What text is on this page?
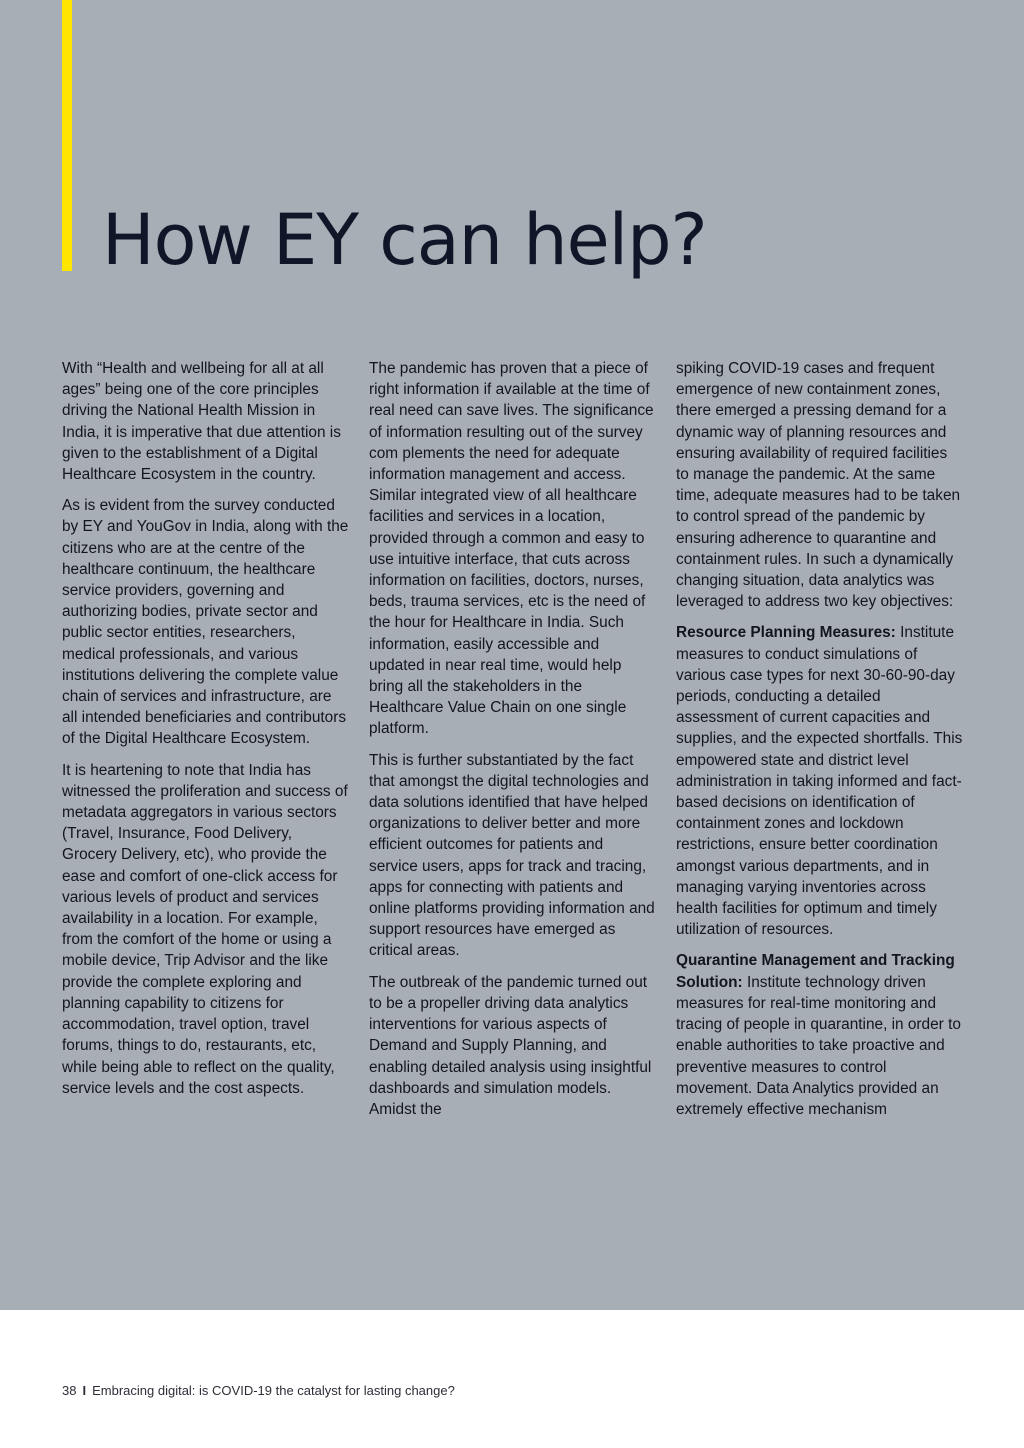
How EY can help?

With “Health and wellbeing for all at all ages” being one of the core principles driving the National Health Mission in India, it is imperative that due attention is given to the establishment of a Digital Healthcare Ecosystem in the country.

As is evident from the survey conducted by EY and YouGov in India, along with the citizens who are at the centre of the healthcare continuum, the healthcare service providers, governing and authorizing bodies, private sector and public sector entities, researchers, medical professionals, and various institutions delivering the complete value chain of services and infrastructure, are all intended beneficiaries and contributors of the Digital Healthcare Ecosystem.

It is heartening to note that India has witnessed the proliferation and success of metadata aggregators in various sectors (Travel, Insurance, Food Delivery, Grocery Delivery, etc), who provide the ease and comfort of one-click access for various levels of product and services availability in a location. For example, from the comfort of the home or using a mobile device, Trip Advisor and the like provide the complete exploring and planning capability to citizens for accommodation, travel option, travel forums, things to do, restaurants, etc, while being able to reflect on the quality, service levels and the cost aspects.

The pandemic has proven that a piece of right information if available at the time of real need can save lives. The significance of information resulting out of the survey com plements the need for adequate information management and access. Similar integrated view of all healthcare facilities and services in a location, provided through a common and easy to use intuitive interface, that cuts across information on facilities, doctors, nurses, beds, trauma services, etc is the need of the hour for Healthcare in India. Such information, easily accessible and updated in near real time, would help bring all the stakeholders in the Healthcare Value Chain on one single platform.

This is further substantiated by the fact that amongst the digital technologies and data solutions identified that have helped organizations to deliver better and more efficient outcomes for patients and service users, apps for track and tracing, apps for connecting with patients and online platforms providing information and support resources have emerged as critical areas.

The outbreak of the pandemic turned out to be a propeller driving data analytics interventions for various aspects of Demand and Supply Planning, and enabling detailed analysis using insightful dashboards and simulation models. Amidst the

spiking COVID-19 cases and frequent emergence of new containment zones, there emerged a pressing demand for a dynamic way of planning resources and ensuring availability of required facilities to manage the pandemic. At the same time, adequate measures had to be taken to control spread of the pandemic by ensuring adherence to quarantine and containment rules. In such a dynamically changing situation, data analytics was leveraged to address two key objectives:

Resource Planning Measures: Institute measures to conduct simulations of various case types for next 30-60-90-day periods, conducting a detailed assessment of current capacities and supplies, and the expected shortfalls. This empowered state and district level administration in taking informed and fact-based decisions on identification of containment zones and lockdown restrictions, ensure better coordination amongst various departments, and in managing varying inventories across health facilities for optimum and timely utilization of resources.

Quarantine Management and Tracking Solution: Institute technology driven measures for real-time monitoring and tracing of people in quarantine, in order to enable authorities to take proactive and preventive measures to control movement. Data Analytics provided an extremely effective mechanism

38 I Embracing digital: is COVID-19 the catalyst for lasting change?
